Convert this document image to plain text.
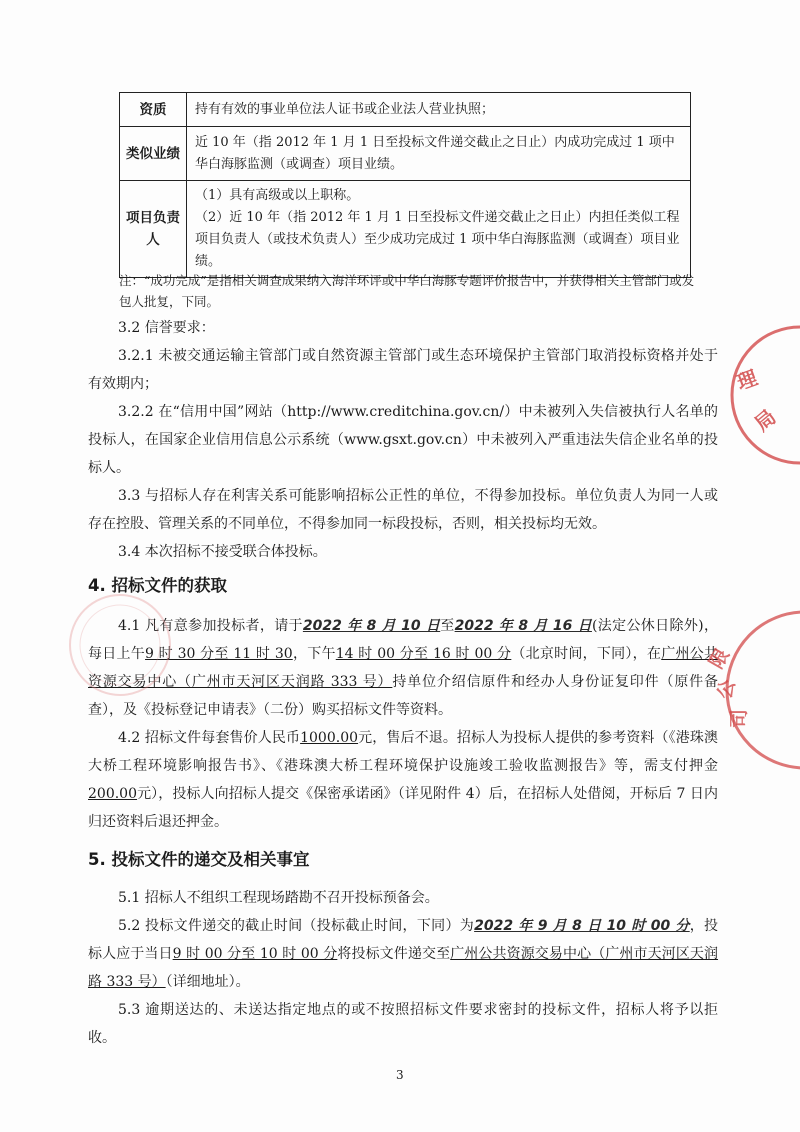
资质	持有有效的事业单位法人证书或企业法人营业执照；

类似业绩	近 10 年（指 2012 年 1 月 1 日至投标文件递交截止之日止）内成功完成过 1 项中华白海豚监测（或调查）项目业绩。

项目负责人	（1）具有高级或以上职称。
（2）近 10 年（指 2012 年 1 月 1 日至投标文件递交截止之日止）内担任类似工程项目负责人（或技术负责人）至少成功完成过 1 项中华白海豚监测（或调查）项目业绩。
注：“成功完成”是指相关调查成果纳入海洋环评或中华白海豚专题评价报告中，并获得相关主管部门或发包人批复，下同。

3.2 信誉要求：

3.2.1 未被交通运输主管部门或自然资源主管部门或生态环境保护主管部门取消投标资格并处于有效期内；

3.2.2 在“信用中国”网站（http://www.creditchina.gov.cn/）中未被列入失信被执行人名单的投标人，在国家企业信用信息公示系统（www.gsxt.gov.cn）中未被列入严重违法失信企业名单的投标人。

3.3 与招标人存在利害关系可能影响招标公正性的单位，不得参加投标。单位负责人为同一人或存在控股、管理关系的不同单位，不得参加同一标段投标，否则，相关投标均无效。

3.4 本次招标不接受联合体投标。

4. 招标文件的获取

4.1 凡有意参加投标者，请于2022 年 8 月 10 日至2022 年 8 月 16 日(法定公休日除外)，每日上午9 时 30 分至 11 时 30，下午14 时 00 分至 16 时 00 分（北京时间，下同），在广州公共资源交易中心（广州市天河区天润路 333 号）持单位介绍信原件和经办人身份证复印件（原件备查），及《投标登记申请表》（二份）购买招标文件等资料。

4.2 招标文件每套售价人民币1000.00元，售后不退。招标人为投标人提供的参考资料（《港珠澳大桥工程环境影响报告书》、《港珠澳大桥工程环境保护设施竣工验收监测报告》等，需支付押金200.00元），投标人向招标人提交《保密承诺函》（详见附件 4）后，在招标人处借阅，开标后 7 日内归还资料后退还押金。

5. 投标文件的递交及相关事宜

5.1 招标人不组织工程现场踏勘不召开投标预备会。

5.2 投标文件递交的截止时间（投标截止时间，下同）为2022 年 9 月 8 日 10 时 00 分，投标人应于当日9 时 00 分至 10 时 00 分将投标文件递交至广州公共资源交易中心（广州市天河区天润路 333 号）（详细地址）。

5.3 逾期送达的、未送达指定地点的或不按照招标文件要求密封的投标文件，招标人将予以拒收。

3
理
局
限
公
司
